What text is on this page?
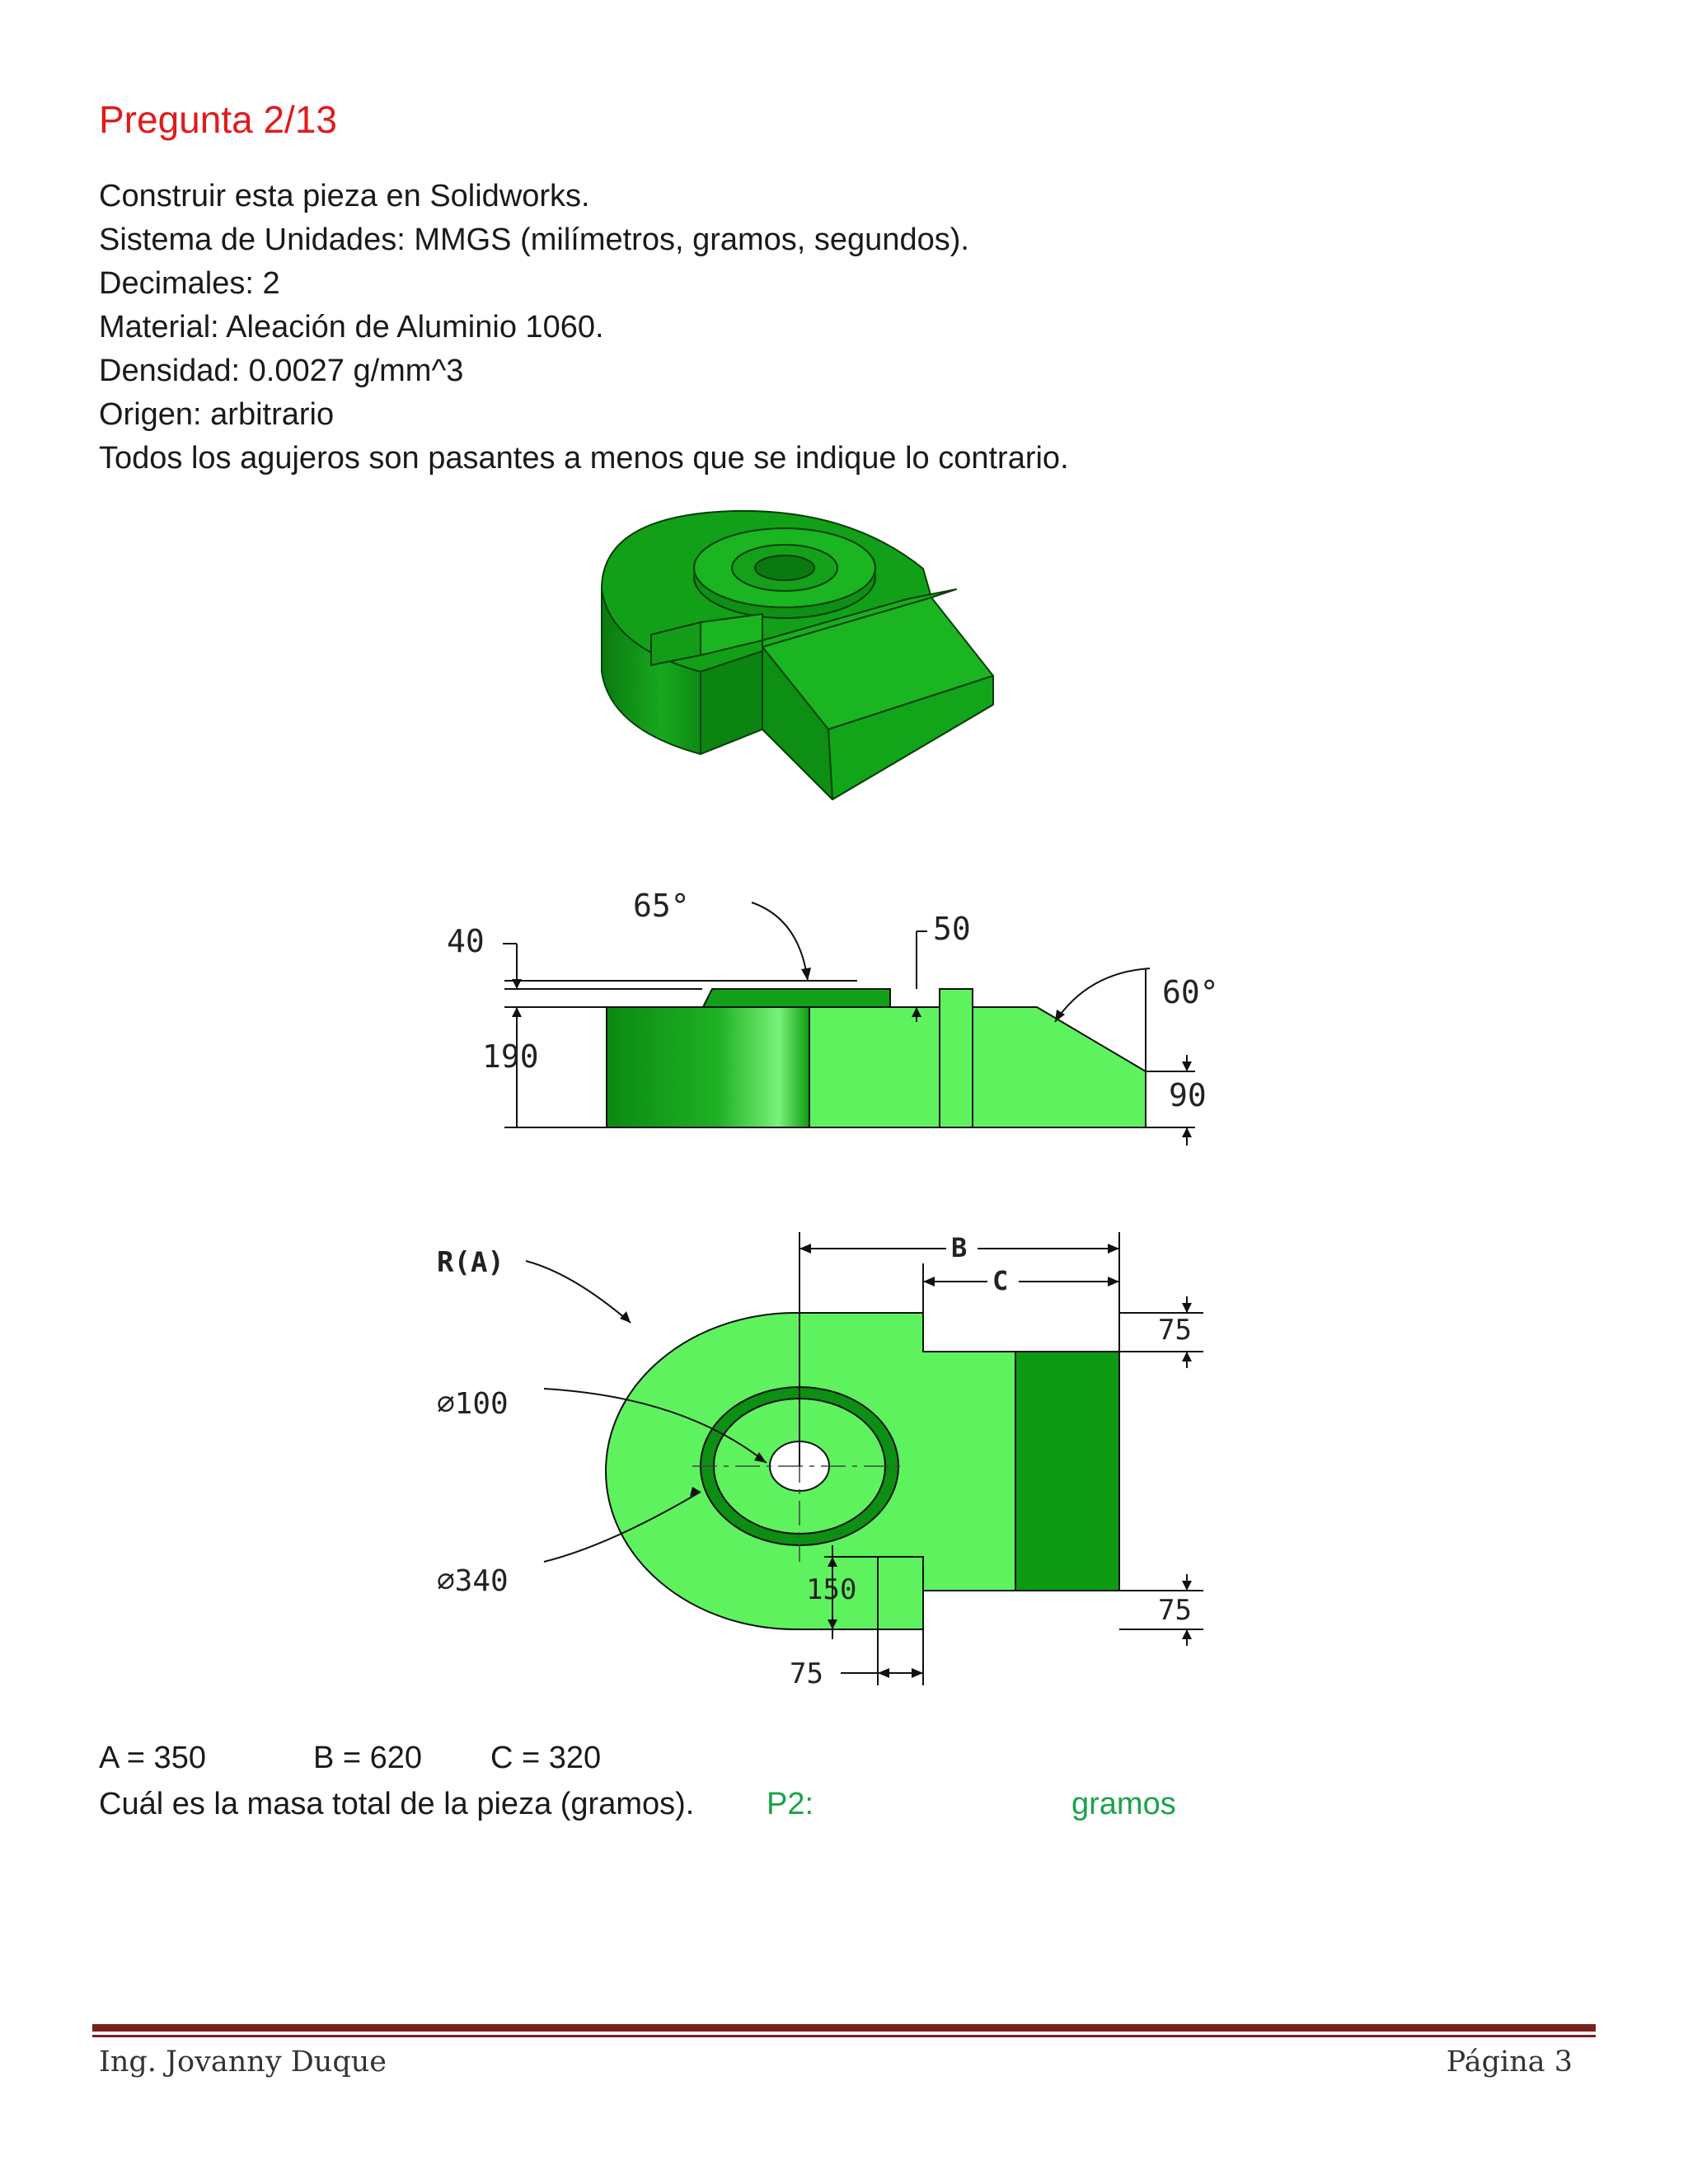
Pregunta 2/13
Construir esta pieza en Solidworks.
Sistema de Unidades: MMGS (milímetros, gramos, segundos).
Decimales: 2
Material: Aleación de Aluminio 1060.
Densidad: 0.0027 g/mm^3
Origen: arbitrario
Todos los agujeros son pasantes a menos que se indique lo contrario.
40
65°
50
60°
190
90
B
C
R(A)
∅100
∅340
75
75
150
75
A = 350	B = 620 C = 320
Cuál es la masa total de la pieza (gramos). P2:	gramos
Ing. Jovanny Duque	Página 3
